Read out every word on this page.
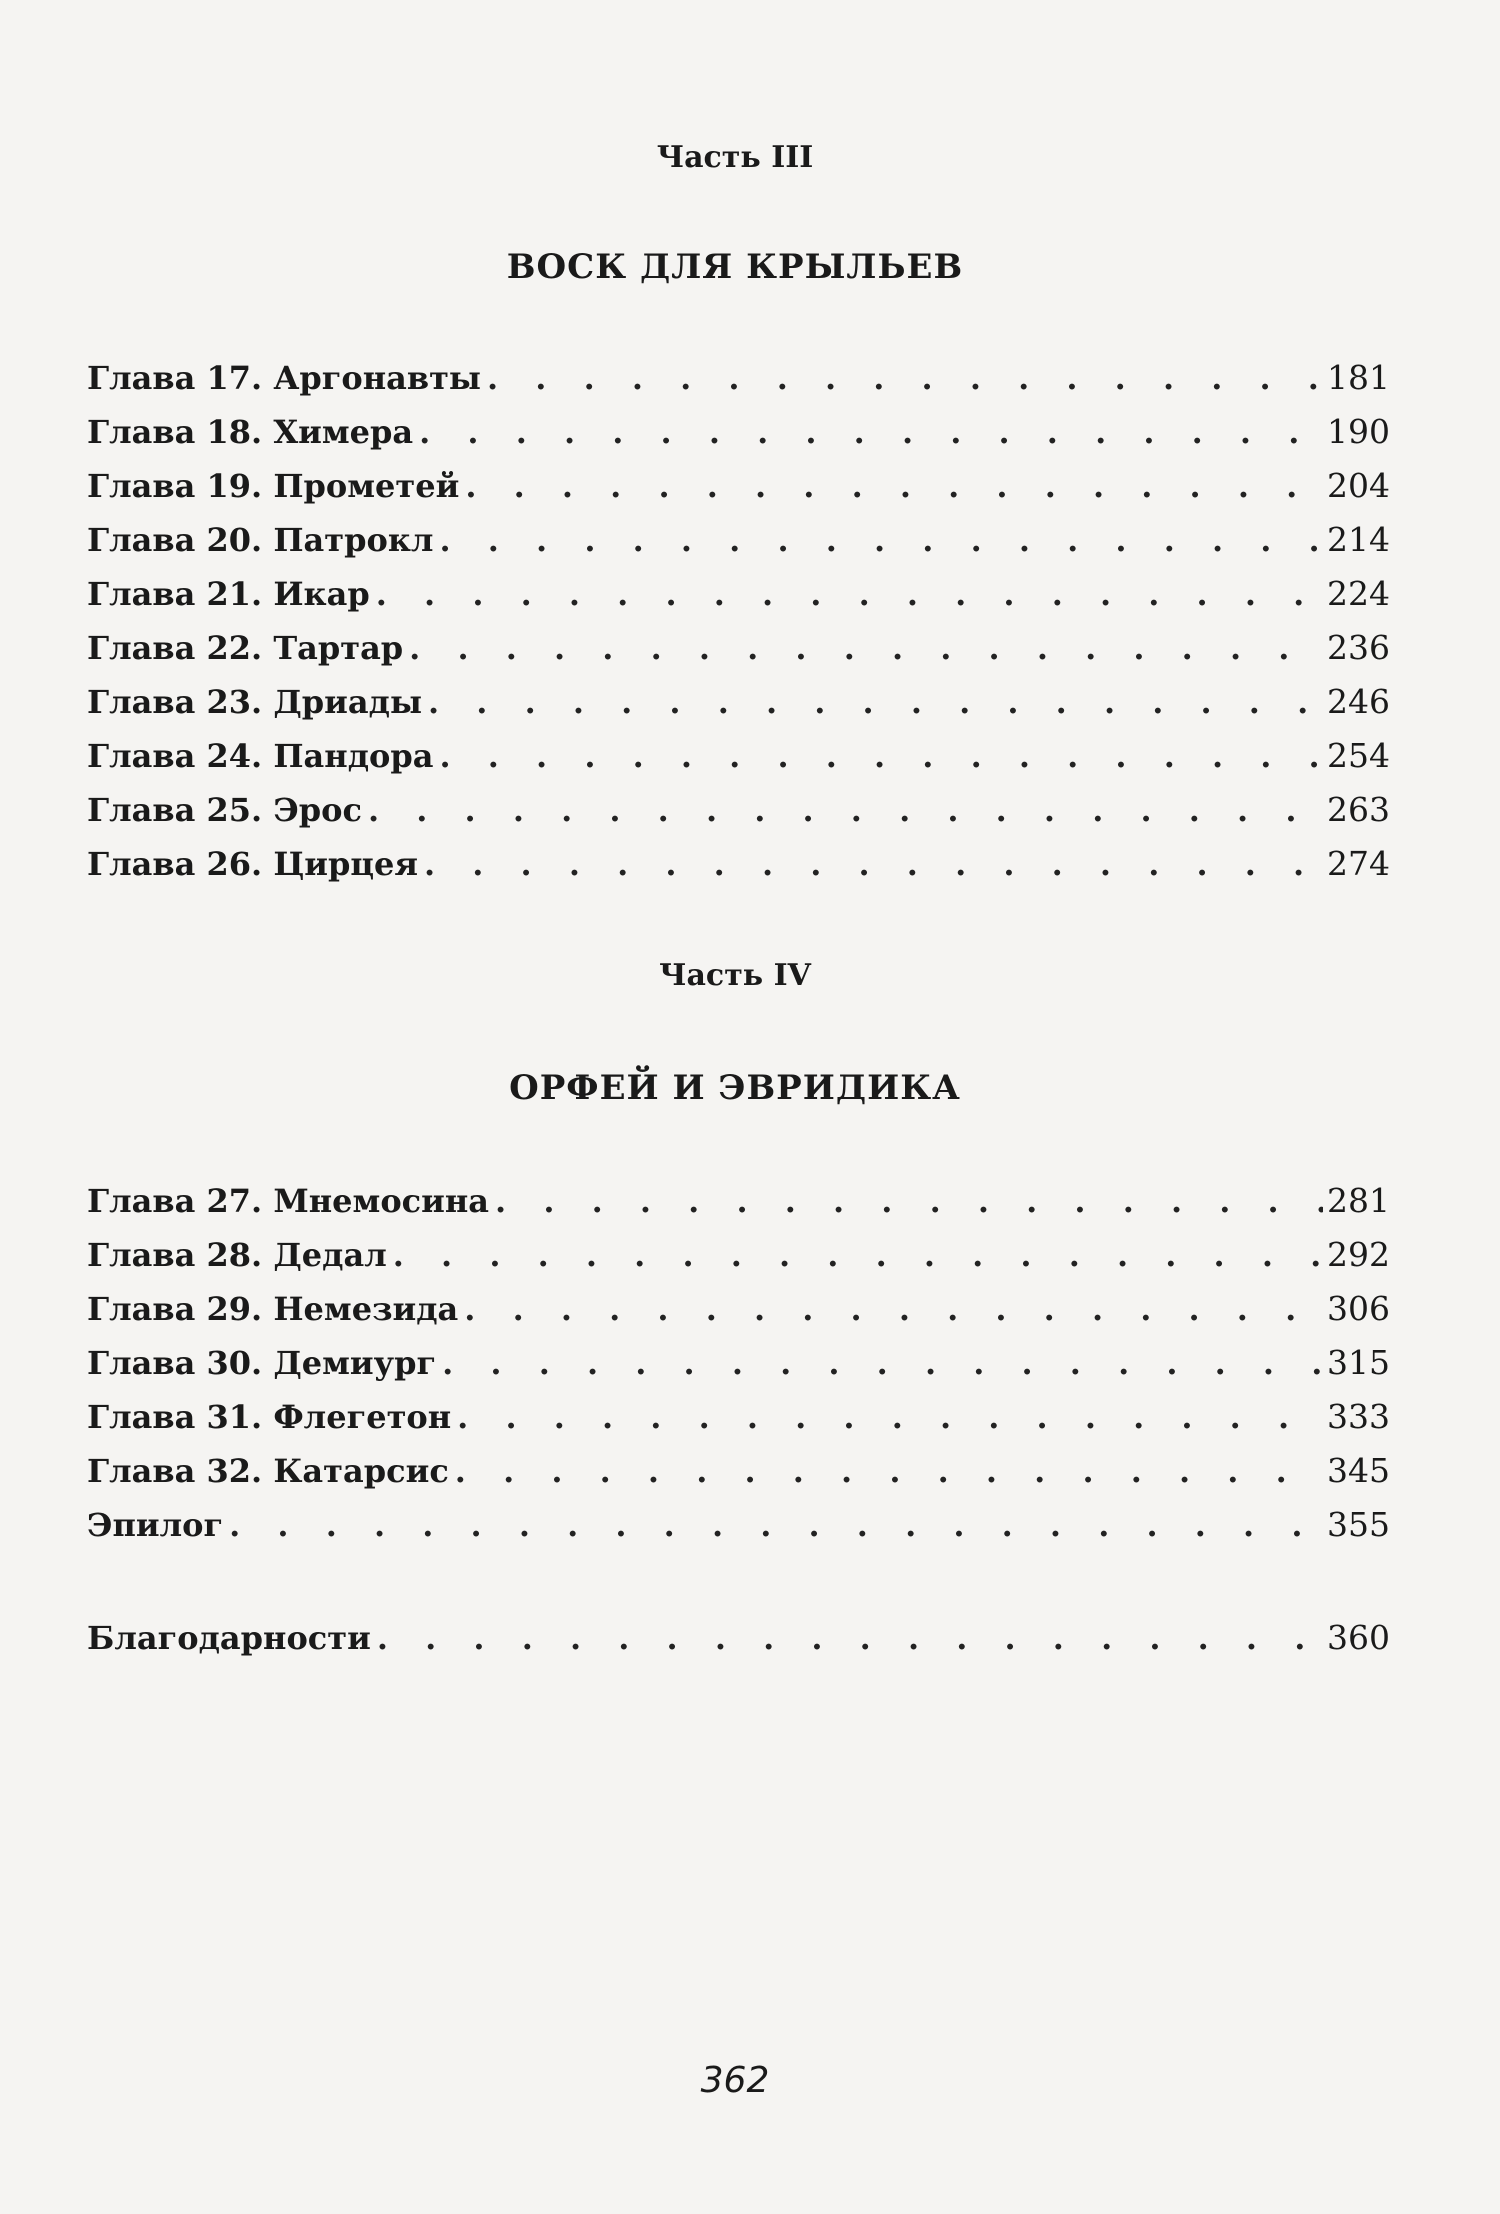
Часть III
ВОСК ДЛЯ КРЫЛЬЕВ
Глава 17. Аргонавты . . .	181
Глава 18. Химера . . .	190
Глава 19. Прометей . . .	204
Глава 20. Патрокл . . .	214
Глава 21. Икар . . .	224
Глава 22. Тартар . . .	236
Глава 23. Дриады . . .	246
Глава 24. Пандора . . .	254
Глава 25. Эрос . . .	263
Глава 26. Цирцея . . .	274
Часть IV
ОРФЕЙ И ЭВРИДИКА
Глава 27. Мнемосина . . .	281
Глава 28. Дедал . . .	292
Глава 29. Немезида . . .	306
Глава 30. Демиург . . .	315
Глава 31. Флегетон . . .	333
Глава 32. Катарсис . . .	345
Эпилог . . .	355
Благодарности . . .	360
362
